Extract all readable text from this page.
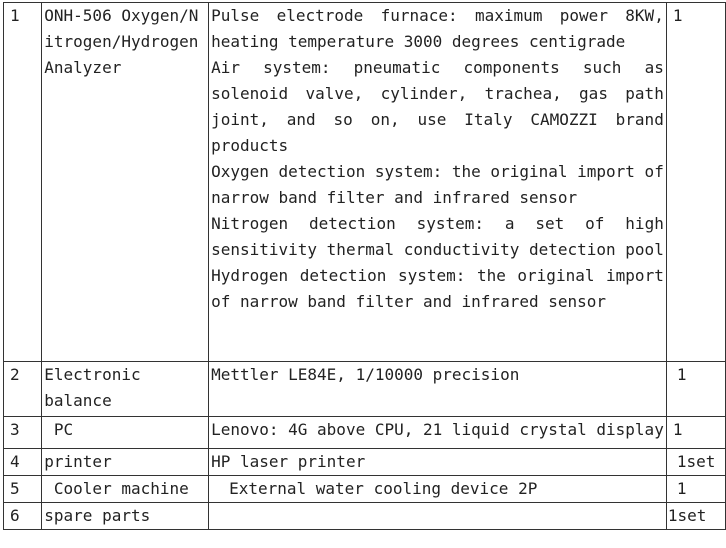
1	ONH-506 Oxygen/Nitrogen/Hydrogen Analyzer	Pulse electrode furnace: maximum power 8KW, heating temperature 3000 degrees centigrade
Air system: pneumatic components such as solenoid valve, cylinder, trachea, gas path joint, and so on, use Italy CAMOZZI brand products
Oxygen detection system: the original import of narrow band filter and infrared sensor
Nitrogen detection system: a set of high sensitivity thermal conductivity detection pool
Hydrogen detection system: the original import of narrow band filter and infrared sensor	1
2	Electronic balance	Mettler LE84E, 1/10000 precision	1
3	PC	Lenovo: 4G above CPU, 21 liquid crystal display	1
4	printer	HP laser printer	1set
5	Cooler machine	External water cooling device 2P	1
6	spare parts		1set
